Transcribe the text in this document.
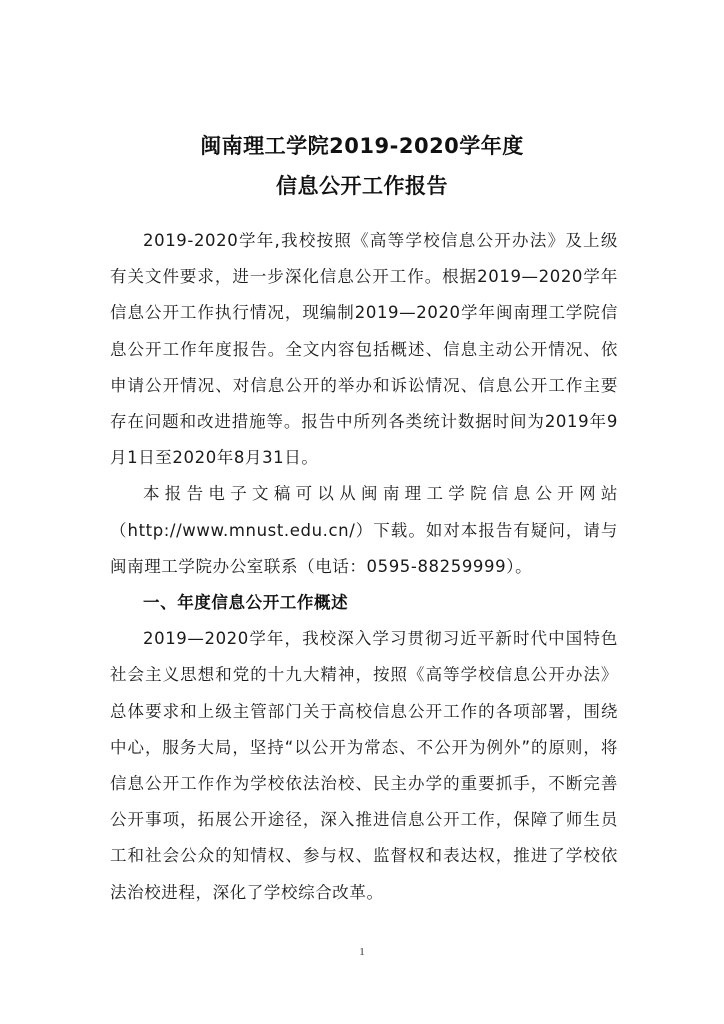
闽南理工学院2019-2020学年度
信息公开工作报告

2019-2020学年,我校按照《高等学校信息公开办法》及上级有关文件要求，进一步深化信息公开工作。根据2019—2020学年信息公开工作执行情况，现编制2019—2020学年闽南理工学院信息公开工作年度报告。全文内容包括概述、信息主动公开情况、依申请公开情况、对信息公开的举办和诉讼情况、信息公开工作主要存在问题和改进措施等。报告中所列各类统计数据时间为2019年9月1日至2020年8月31日。

本报告电子文稿可以从闽南理工学院信息公开网站（http://www.mnust.edu.cn/）下载。如对本报告有疑问，请与闽南理工学院办公室联系（电话：0595-88259999）。

一、年度信息公开工作概述

2019—2020学年，我校深入学习贯彻习近平新时代中国特色社会主义思想和党的十九大精神，按照《高等学校信息公开办法》总体要求和上级主管部门关于高校信息公开工作的各项部署，围绕中心，服务大局，坚持“以公开为常态、不公开为例外”的原则，将信息公开工作作为学校依法治校、民主办学的重要抓手，不断完善公开事项，拓展公开途径，深入推进信息公开工作，保障了师生员工和社会公众的知情权、参与权、监督权和表达权，推进了学校依法治校进程，深化了学校综合改革。

1
